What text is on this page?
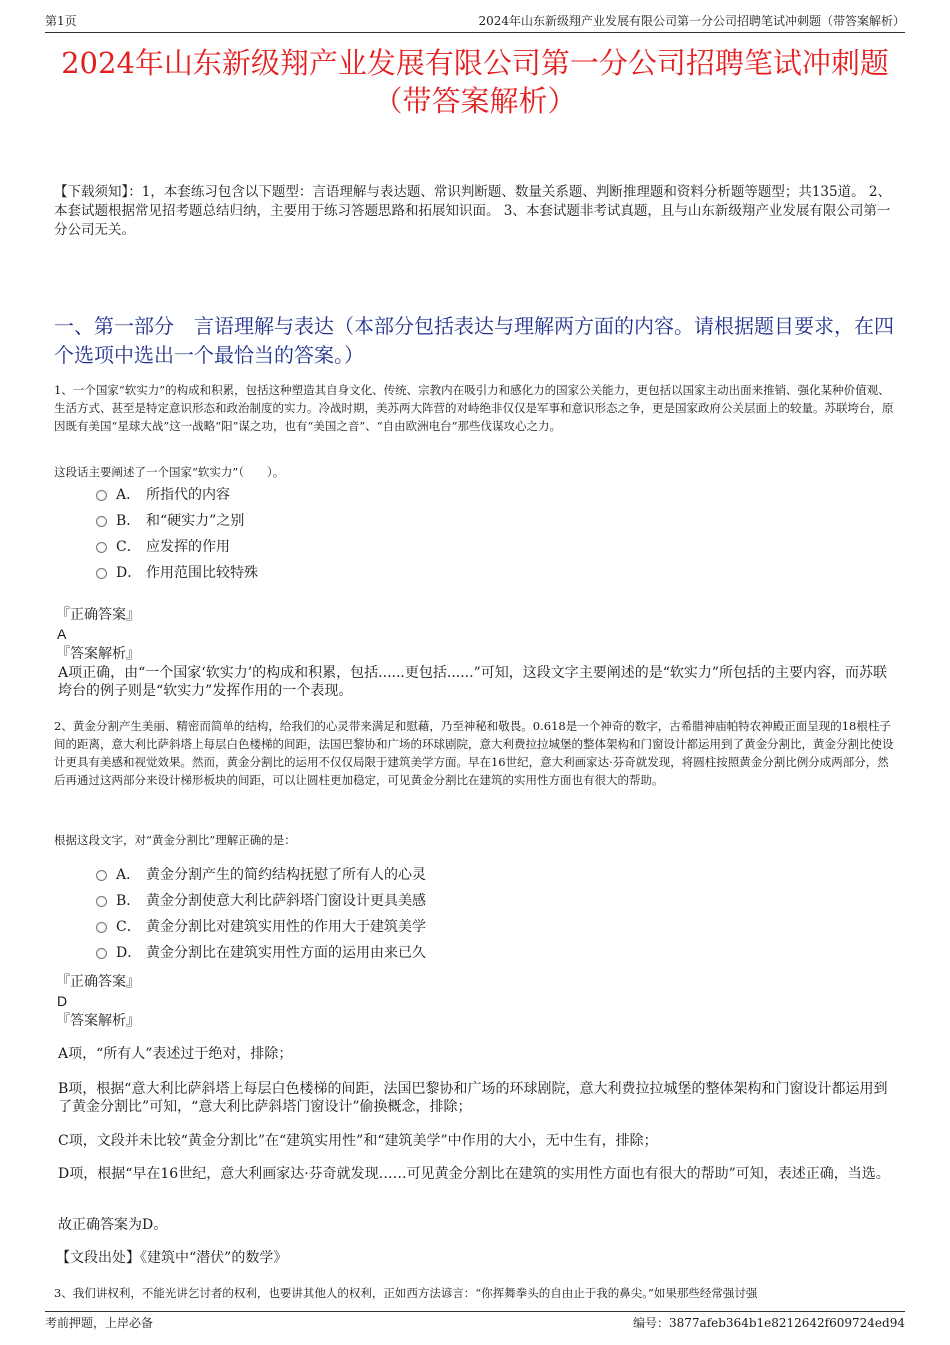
第1页	2024年山东新级翔产业发展有限公司第一分公司招聘笔试冲刺题（带答案解析）
2024年山东新级翔产业发展有限公司第一分公司招聘笔试冲刺题（带答案解析）
【下载须知】：1，本套练习包含以下题型：言语理解与表达题、常识判断题、数量关系题、判断推理题和资料分析题等题型；共135道。 2、本套试题根据常见招考题总结归纳，主要用于练习答题思路和拓展知识面。 3、本套试题非考试真题，且与山东新级翔产业发展有限公司第一分公司无关。
一、第一部分　言语理解与表达（本部分包括表达与理解两方面的内容。请根据题目要求，在四个选项中选出一个最恰当的答案。）
1、一个国家“软实力”的构成和积累，包括这种塑造其自身文化、传统、宗教内在吸引力和感化力的国家公关能力，更包括以国家主动出面来推销、强化某种价值观、生活方式、甚至是特定意识形态和政治制度的实力。冷战时期，美苏两大阵营的对峙绝非仅仅是军事和意识形态之争，更是国家政府公关层面上的较量。苏联垮台，原因既有美国“星球大战”这一战略“阳”谋之功，也有“美国之音”、“自由欧洲电台”那些伐谋攻心之力。
这段话主要阐述了一个国家“软实力”（　　）。
A． 所指代的内容
B． 和“硬实力”之别
C． 应发挥的作用
D． 作用范围比较特殊
『正确答案』
A
『答案解析』
A项正确，由“一个国家‘软实力’的构成和积累，包括......更包括......”可知，这段文字主要阐述的是“软实力”所包括的主要内容，而苏联垮台的例子则是“软实力”发挥作用的一个表现。
2、黄金分割产生美丽、精密而简单的结构，给我们的心灵带来满足和慰藉，乃至神秘和敬畏。0.618是一个神奇的数字，古希腊神庙帕特农神殿正面呈现的18根柱子间的距离，意大利比萨斜塔上每层白色楼梯的间距，法国巴黎协和广场的环球剧院，意大利费拉拉城堡的整体架构和门窗设计都运用到了黄金分割比，黄金分割比使设计更具有美感和视觉效果。然而，黄金分割比的运用不仅仅局限于建筑美学方面。早在16世纪，意大利画家达·芬奇就发现，将圆柱按照黄金分割比例分成两部分，然后再通过这两部分来设计梯形板块的间距，可以让圆柱更加稳定，可见黄金分割比在建筑的实用性方面也有很大的帮助。
根据这段文字，对“黄金分割比”理解正确的是：
A． 黄金分割产生的简约结构抚慰了所有人的心灵
B． 黄金分割使意大利比萨斜塔门窗设计更具美感
C． 黄金分割比对建筑实用性的作用大于建筑美学
D． 黄金分割比在建筑实用性方面的运用由来已久
『正确答案』
D
『答案解析』
A项，“所有人”表述过于绝对，排除；
B项，根据“意大利比萨斜塔上每层白色楼梯的间距，法国巴黎协和广场的环球剧院，意大利费拉拉城堡的整体架构和门窗设计都运用到了黄金分割比”可知，“意大利比萨斜塔门窗设计”偷换概念，排除；
C项，文段并未比较“黄金分割比”在“建筑实用性”和“建筑美学”中作用的大小，无中生有，排除；
D项，根据“早在16世纪，意大利画家达·芬奇就发现……可见黄金分割比在建筑的实用性方面也有很大的帮助”可知，表述正确，当选。
故正确答案为D。
【文段出处】《建筑中“潜伏”的数学》
3、我们讲权利，不能光讲乞讨者的权利，也要讲其他人的权利，正如西方法谚言：“你挥舞拳头的自由止于我的鼻尖。”如果那些经常强讨强
考前押题，上岸必备	编号：3877afeb364b1e8212642f609724ed94
